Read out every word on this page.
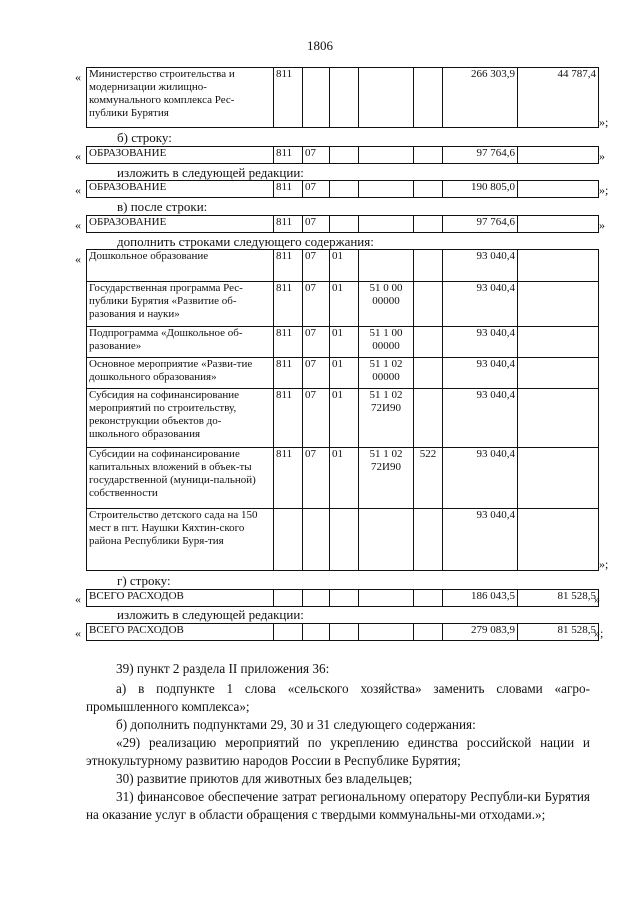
1806
« Министерство строительства и модернизации жилищно-коммунального комплекса Рес-публики Бурятия	811					266 303,9	44 787,4
»;
б) строку:
« ОБРАЗОВАНИЕ	811	07				97 764,6		»
изложить в следующей редакции:
« ОБРАЗОВАНИЕ	811	07				190 805,0		»;
в) после строки:
« ОБРАЗОВАНИЕ	811	07				97 764,6		»
дополнить строками следующего содержания:
« Дошкольное образование	811	07	01			93 040,4	
Государственная программа Рес-публики Бурятия «Развитие об-разования и науки»	811	07	01	51 0 00 00000		93 040,4	
Подпрограмма «Дошкольное об-разование»	811	07	01	51 1 00 00000		93 040,4	
Основное мероприятие «Разви-тие дошкольного образования»	811	07	01	51 1 02 00000		93 040,4	
Субсидия на софинансирование мероприятий по строительству, реконструкции объектов до-школьного образования	811	07	01	51 1 02 72И90		93 040,4	
Субсидии на софинансирование капитальных вложений в объек-ты государственной (муници-пальной) собственности	811	07	01	51 1 02 72И90	522	93 040,4	
Строительство детского сада на 150 мест в пгт. Наушки Кяхтин-ского района Республики Буря-тия						93 040,4	
»;
г) строку:
« ВСЕГО РАСХОДОВ						186 043,5	81 528,5
»
изложить в следующей редакции:
« ВСЕГО РАСХОДОВ						279 083,9	81 528,5
»;
39) пункт 2 раздела II приложения 36:
а) в подпункте 1 слова «сельского хозяйства» заменить словами «агро-промышленного комплекса»;
б) дополнить подпунктами 29, 30 и 31 следующего содержания:
«29) реализацию мероприятий по укреплению единства российской нации и этнокультурному развитию народов России в Республике Бурятия;
30) развитие приютов для животных без владельцев;
31) финансовое обеспечение затрат региональному оператору Республи-ки Бурятия на оказание услуг в области обращения с твердыми коммунальны-ми отходами.»;
